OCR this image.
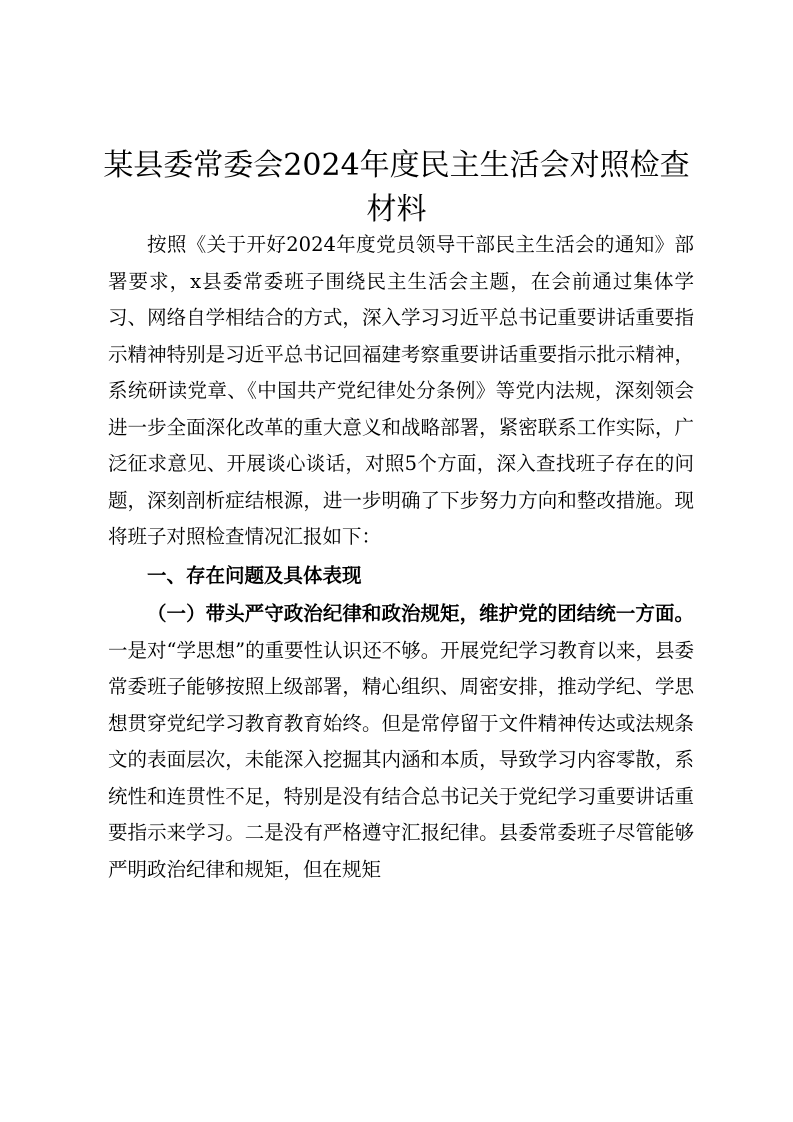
某县委常委会2024年度民主生活会对照检查材料

按照《关于开好2024年度党员领导干部民主生活会的通知》部署要求，x县委常委班子围绕民主生活会主题，在会前通过集体学习、网络自学相结合的方式，深入学习习近平总书记重要讲话重要指示精神特别是习近平总书记回福建考察重要讲话重要指示批示精神，系统研读党章、《中国共产党纪律处分条例》等党内法规，深刻领会进一步全面深化改革的重大意义和战略部署，紧密联系工作实际，广泛征求意见、开展谈心谈话，对照5个方面，深入查找班子存在的问题，深刻剖析症结根源，进一步明确了下步努力方向和整改措施。现将班子对照检查情况汇报如下：

一、存在问题及具体表现

（一）带头严守政治纪律和政治规矩，维护党的团结统一方面。一是对“学思想”的重要性认识还不够。开展党纪学习教育以来，县委常委班子能够按照上级部署，精心组织、周密安排，推动学纪、学思想贯穿党纪学习教育教育始终。但是常停留于文件精神传达或法规条文的表面层次，未能深入挖掘其内涵和本质，导致学习内容零散，系统性和连贯性不足，特别是没有结合总书记关于党纪学习重要讲话重要指示来学习。二是没有严格遵守汇报纪律。县委常委班子尽管能够严明政治纪律和规矩，但在规矩
